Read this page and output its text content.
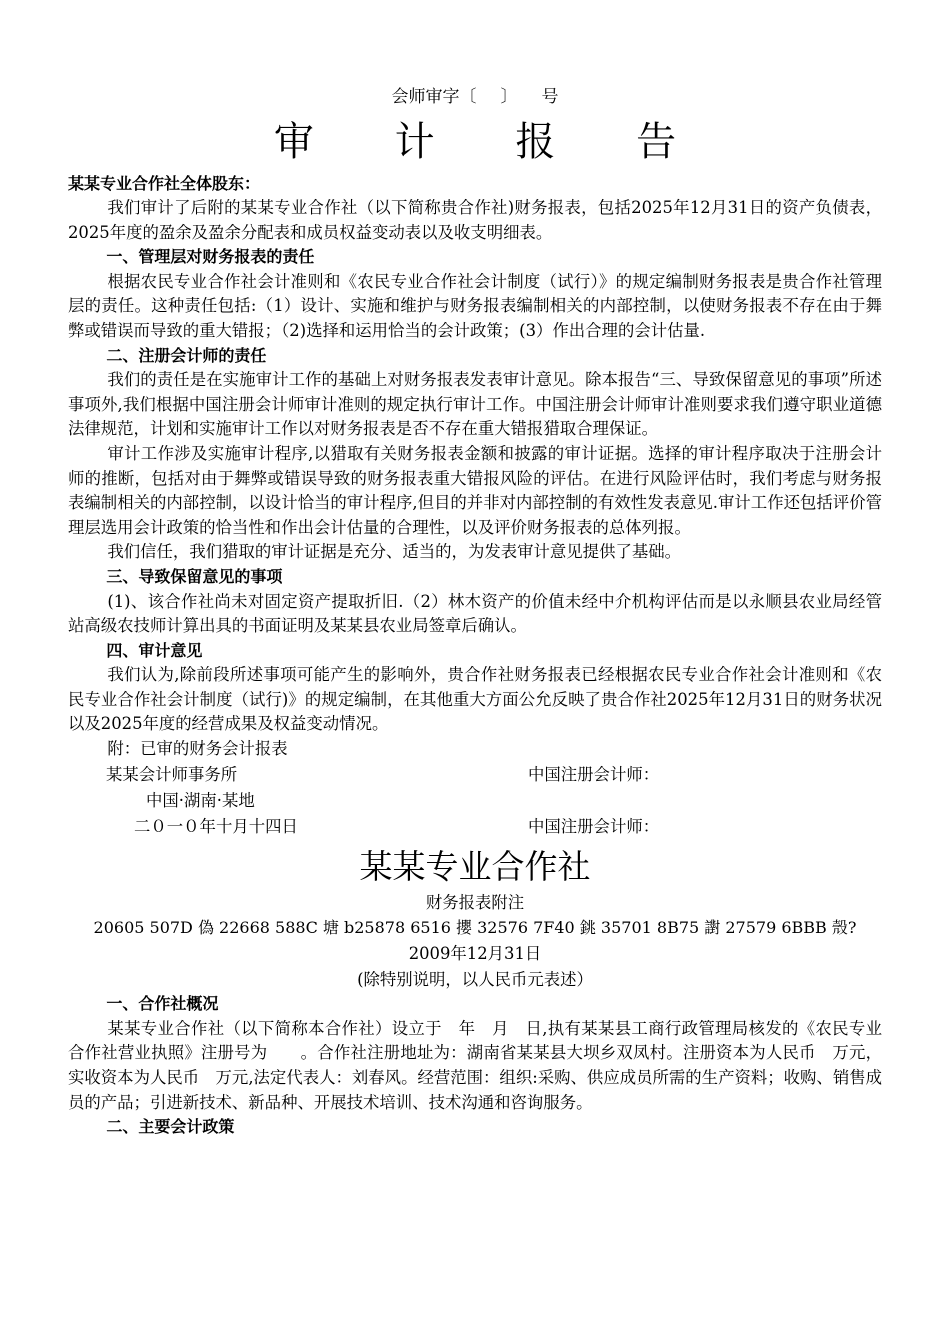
会师审字〔 〕 号
审 计 报 告
某某专业合作社全体股东：

我们审计了后附的某某专业合作社（以下简称贵合作社)财务报表，包括2025年12月31日的资产负债表，2025年度的盈余及盈余分配表和成员权益变动表以及收支明细表。

一、管理层对财务报表的责任

根据农民专业合作社会计准则和《农民专业合作社会计制度（试行）》的规定编制财务报表是贵合作社管理层的责任。这种责任包括:（1）设计、实施和维护与财务报表编制相关的内部控制，以使财务报表不存在由于舞弊或错误而导致的重大错报；（2)选择和运用恰当的会计政策；(3）作出合理的会计估量.

二、注册会计师的责任

我们的责任是在实施审计工作的基础上对财务报表发表审计意见。除本报告“三、导致保留意见的事项”所述事项外,我们根据中国注册会计师审计准则的规定执行审计工作。中国注册会计师审计准则要求我们遵守职业道德法律规范，计划和实施审计工作以对财务报表是否不存在重大错报猎取合理保证。

审计工作涉及实施审计程序,以猎取有关财务报表金额和披露的审计证据。选择的审计程序取决于注册会计师的推断，包括对由于舞弊或错误导致的财务报表重大错报风险的评估。在进行风险评估时，我们考虑与财务报表编制相关的内部控制，以设计恰当的审计程序,但目的并非对内部控制的有效性发表意见.审计工作还包括评价管理层选用会计政策的恰当性和作出会计估量的合理性，以及评价财务报表的总体列报。

我们信任，我们猎取的审计证据是充分、适当的，为发表审计意见提供了基础。

三、导致保留意见的事项

(1)、该合作社尚未对固定资产提取折旧.（2）林木资产的价值未经中介机构评估而是以永顺县农业局经管站高级农技师计算出具的书面证明及某某县农业局签章后确认。

四、审计意见

我们认为,除前段所述事项可能产生的影响外，贵合作社财务报表已经根据农民专业合作社会计准则和《农民专业合作社会计制度（试行)》的规定编制，在其他重大方面公允反映了贵合作社2025年12月31日的财务状况以及2025年度的经营成果及权益变动情况。

附：已审的财务会计报表

某某会计师事务所	中国注册会计师：
中国·湖南·某地
二０一０年十月十四日	中国注册会计师：
某某专业合作社
财务报表附注
20605 507D 偽 22668 588C 塘 b25878 6516 攖 32576 7F40 銚 35701 8B75 譵 27579 6BBB 殼?
2009年12月31日
(除特别说明，以人民币元表述）
一、合作社概况

某某专业合作社（以下简称本合作社）设立于　年　月　日,执有某某县工商行政管理局核发的《农民专业合作社营业执照》注册号为　　。合作社注册地址为：湖南省某某县大坝乡双凤村。注册资本为人民币　万元，实收资本为人民币　万元,法定代表人：刘春风。经营范围：组织:采购、供应成员所需的生产资料；收购、销售成员的产品；引进新技术、新品种、开展技术培训、技术沟通和咨询服务。

二、主要会计政策
